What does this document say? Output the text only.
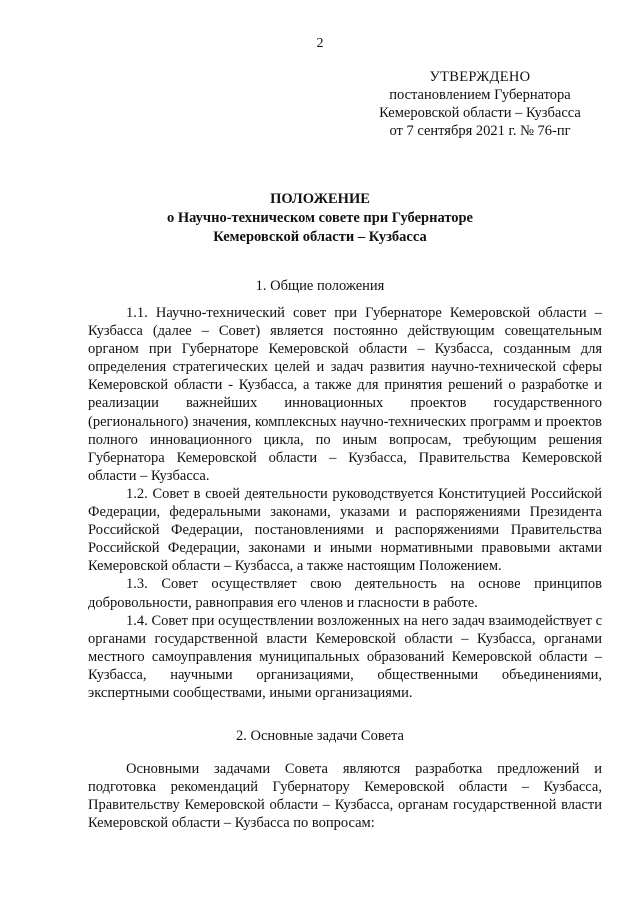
2
УТВЕРЖДЕНО
постановлением Губернатора
Кемеровской области – Кузбасса
от 7 сентября 2021 г. № 76-пг
ПОЛОЖЕНИЕ
о Научно-техническом совете при Губернаторе
Кемеровской области – Кузбасса
1. Общие положения

1.1. Научно-технический совет при Губернаторе Кемеровской области – Кузбасса (далее – Совет) является постоянно действующим совещательным органом при Губернаторе Кемеровской области – Кузбасса, созданным для определения стратегических целей и задач развития научно-технической сферы Кемеровской области - Кузбасса, а также для принятия решений о разработке и реализации важнейших инновационных проектов государственного (регионального) значения, комплексных научно-технических программ и проектов полного инновационного цикла, по иным вопросам, требующим решения Губернатора Кемеровской области – Кузбасса, Правительства Кемеровской области – Кузбасса.

1.2. Совет в своей деятельности руководствуется Конституцией Российской Федерации, федеральными законами, указами и распоряжениями Президента Российской Федерации, постановлениями и распоряжениями Правительства Российской Федерации, законами и иными нормативными правовыми актами Кемеровской области – Кузбасса, а также настоящим Положением.

1.3. Совет осуществляет свою деятельность на основе принципов добровольности, равноправия его членов и гласности в работе.

1.4. Совет при осуществлении возложенных на него задач взаимодействует с органами государственной власти Кемеровской области – Кузбасса, органами местного самоуправления муниципальных образований Кемеровской области – Кузбасса, научными организациями, общественными объединениями, экспертными сообществами, иными организациями.

2. Основные задачи Совета

Основными задачами Совета являются разработка предложений и подготовка рекомендаций Губернатору Кемеровской области – Кузбасса, Правительству Кемеровской области – Кузбасса, органам государственной власти Кемеровской области – Кузбасса по вопросам:
